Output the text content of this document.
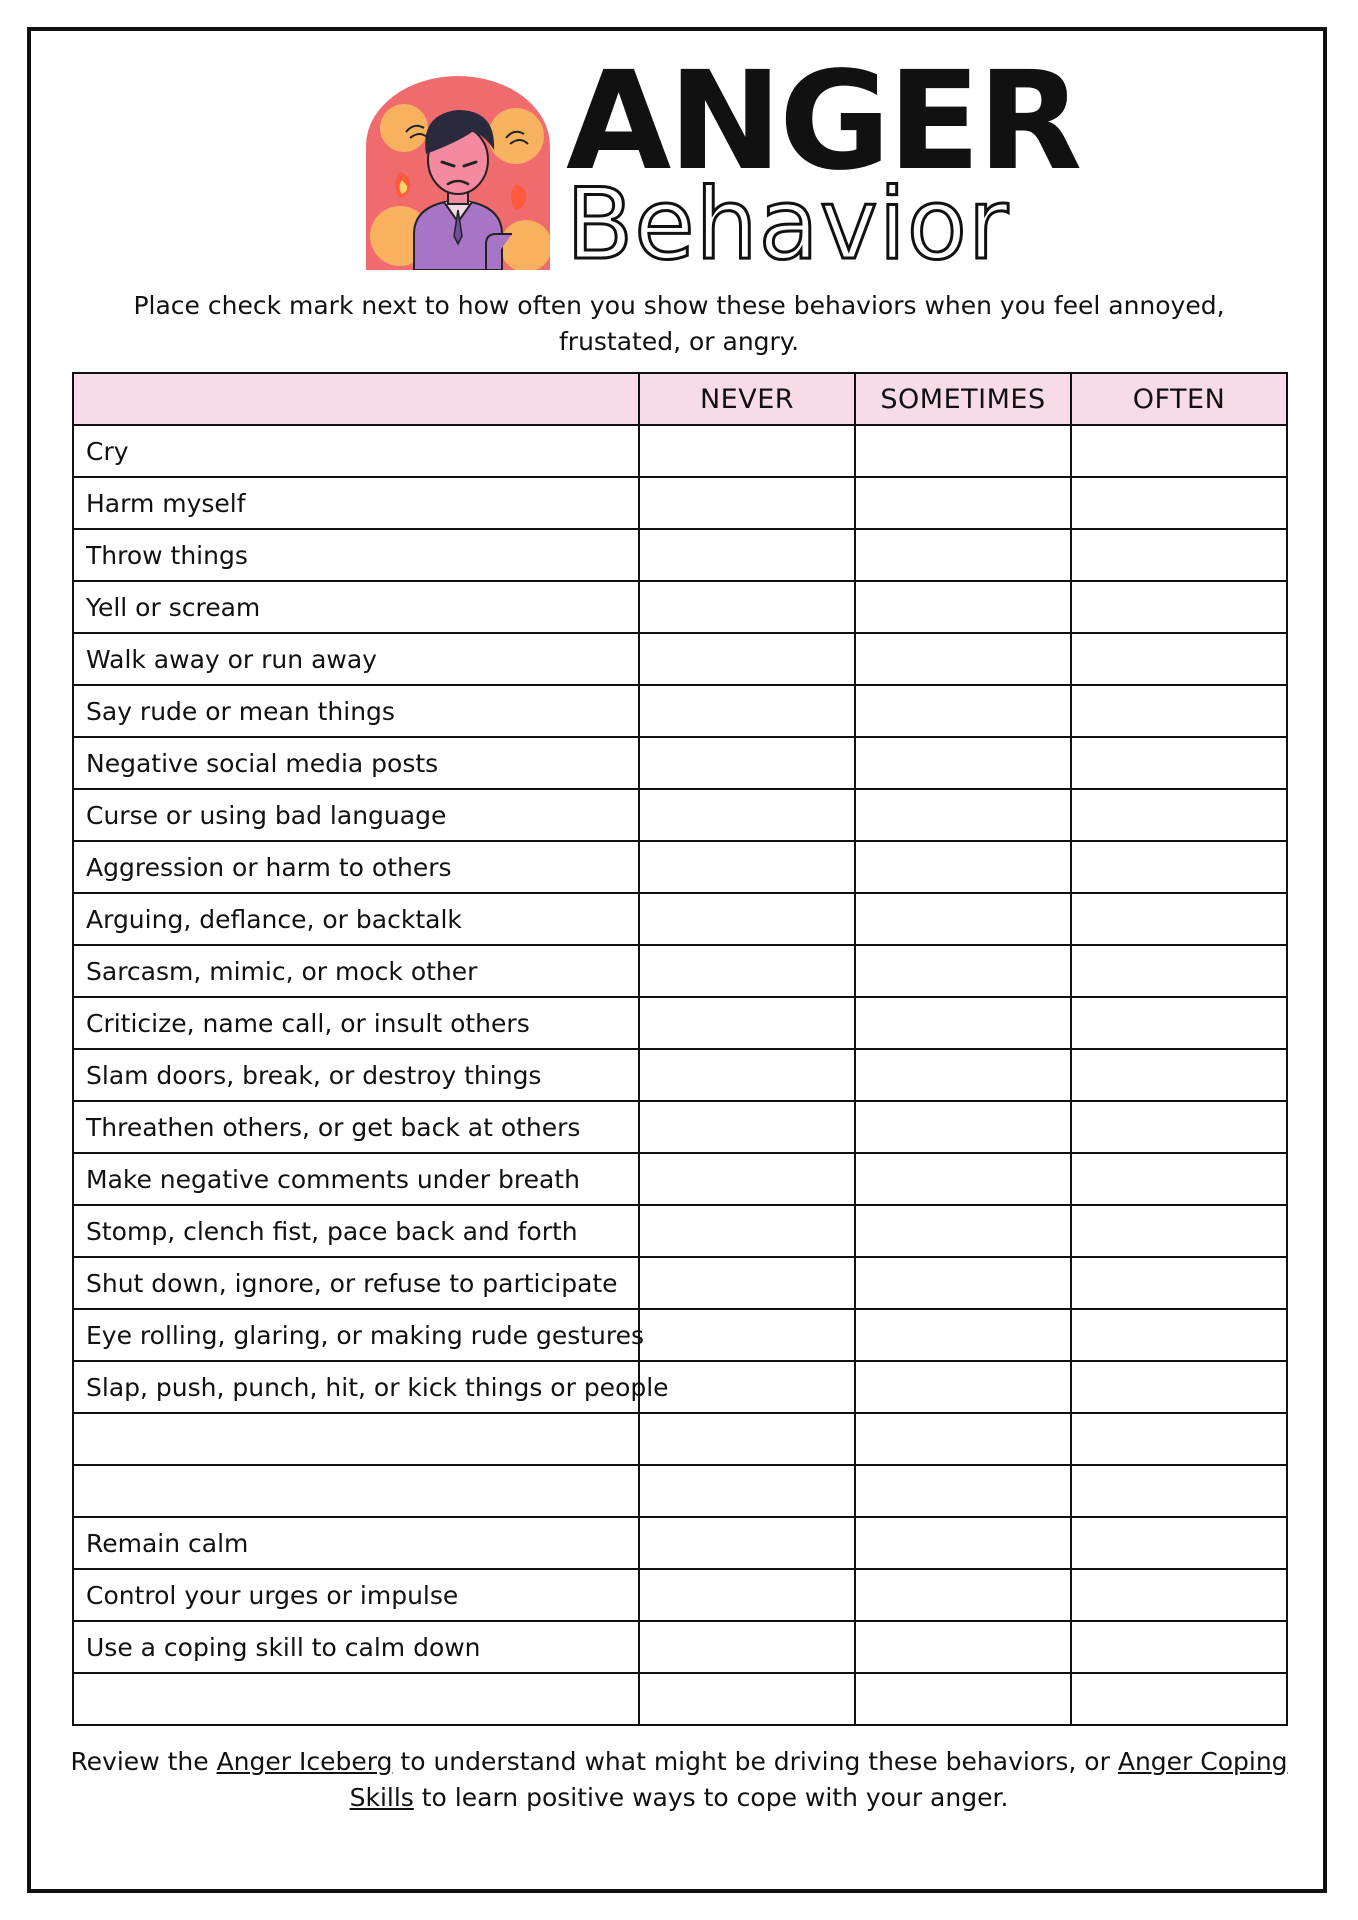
ANGER
Behavior
Place check mark next to how often you show these behaviors when you feel annoyed, frustated, or angry.
	NEVER	SOMETIMES	OFTEN
Cry			
Harm myself			
Throw things			
Yell or scream			
Walk away or run away			
Say rude or mean things			
Negative social media posts			
Curse or using bad language			
Aggression or harm to others			
Arguing, deflance, or backtalk			
Sarcasm, mimic, or mock other			
Criticize, name call, or insult others			
Slam doors, break, or destroy things			
Threathen others, or get back at others			
Make negative comments under breath			
Stomp, clench fist, pace back and forth			
Shut down, ignore, or refuse to participate			
Eye rolling, glaring, or making rude gestures			
Slap, push, punch, hit, or kick things or people			

Remain calm			
Control your urges or impulse			
Use a coping skill to calm down			

Review the Anger Iceberg to understand what might be driving these behaviors, or Anger Coping Skills to learn positive ways to cope with your anger.
